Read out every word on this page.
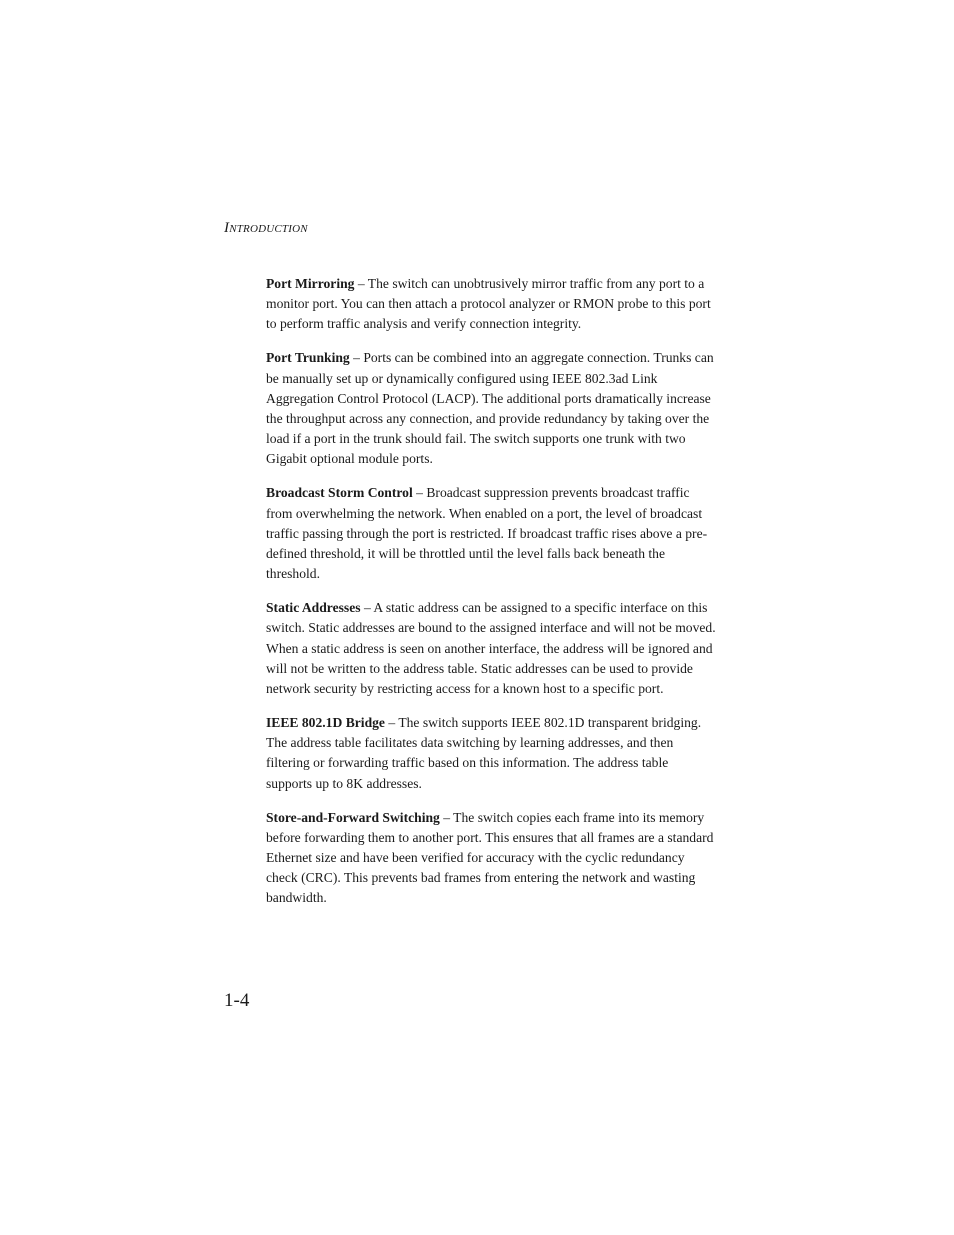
Introduction

Port Mirroring – The switch can unobtrusively mirror traffic from any port to a monitor port. You can then attach a protocol analyzer or RMON probe to this port to perform traffic analysis and verify connection integrity.

Port Trunking – Ports can be combined into an aggregate connection. Trunks can be manually set up or dynamically configured using IEEE 802.3ad Link Aggregation Control Protocol (LACP). The additional ports dramatically increase the throughput across any connection, and provide redundancy by taking over the load if a port in the trunk should fail. The switch supports one trunk with two Gigabit optional module ports.

Broadcast Storm Control – Broadcast suppression prevents broadcast traffic from overwhelming the network. When enabled on a port, the level of broadcast traffic passing through the port is restricted. If broadcast traffic rises above a pre-defined threshold, it will be throttled until the level falls back beneath the threshold.

Static Addresses – A static address can be assigned to a specific interface on this switch. Static addresses are bound to the assigned interface and will not be moved. When a static address is seen on another interface, the address will be ignored and will not be written to the address table. Static addresses can be used to provide network security by restricting access for a known host to a specific port.

IEEE 802.1D Bridge – The switch supports IEEE 802.1D transparent bridging. The address table facilitates data switching by learning addresses, and then filtering or forwarding traffic based on this information. The address table supports up to 8K addresses.

Store-and-Forward Switching – The switch copies each frame into its memory before forwarding them to another port. This ensures that all frames are a standard Ethernet size and have been verified for accuracy with the cyclic redundancy check (CRC). This prevents bad frames from entering the network and wasting bandwidth.

1-4
